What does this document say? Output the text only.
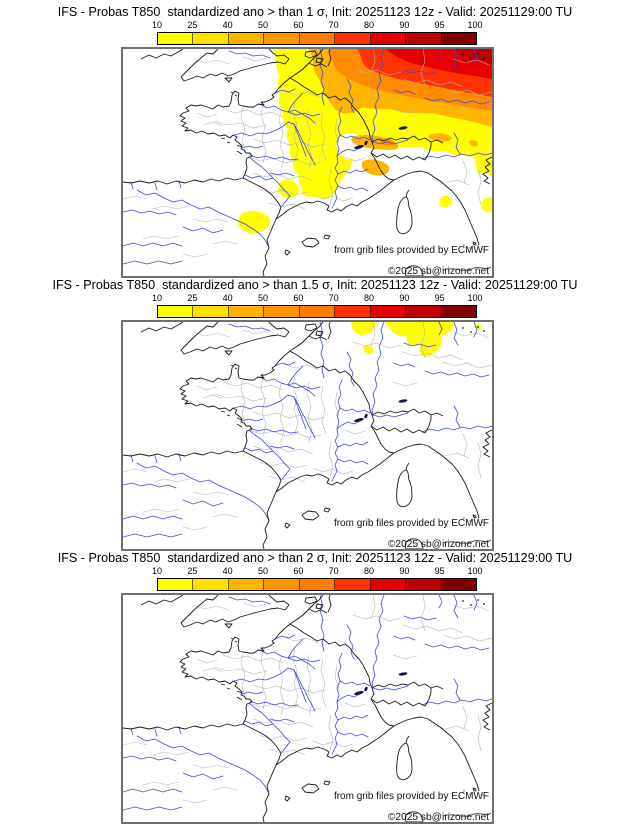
IFS - Probas T850  standardized ano > than 1 σ, Init: 20251123 12z - Valid: 20251129:00 TU
10	25	40	50	60	70	80	90	95	100
from grib files provided by ECMWF
©2025 sb@irizone.net
IFS - Probas T850  standardized ano > than 1.5 σ, Init: 20251123 12z - Valid: 20251129:00 TU
10	25	40	50	60	70	80	90	95	100
from grib files provided by ECMWF
©2025 sb@irizone.net
IFS - Probas T850  standardized ano > than 2 σ, Init: 20251123 12z - Valid: 20251129:00 TU
10	25	40	50	60	70	80	90	95	100
from grib files provided by ECMWF
©2025 sb@irizone.net
